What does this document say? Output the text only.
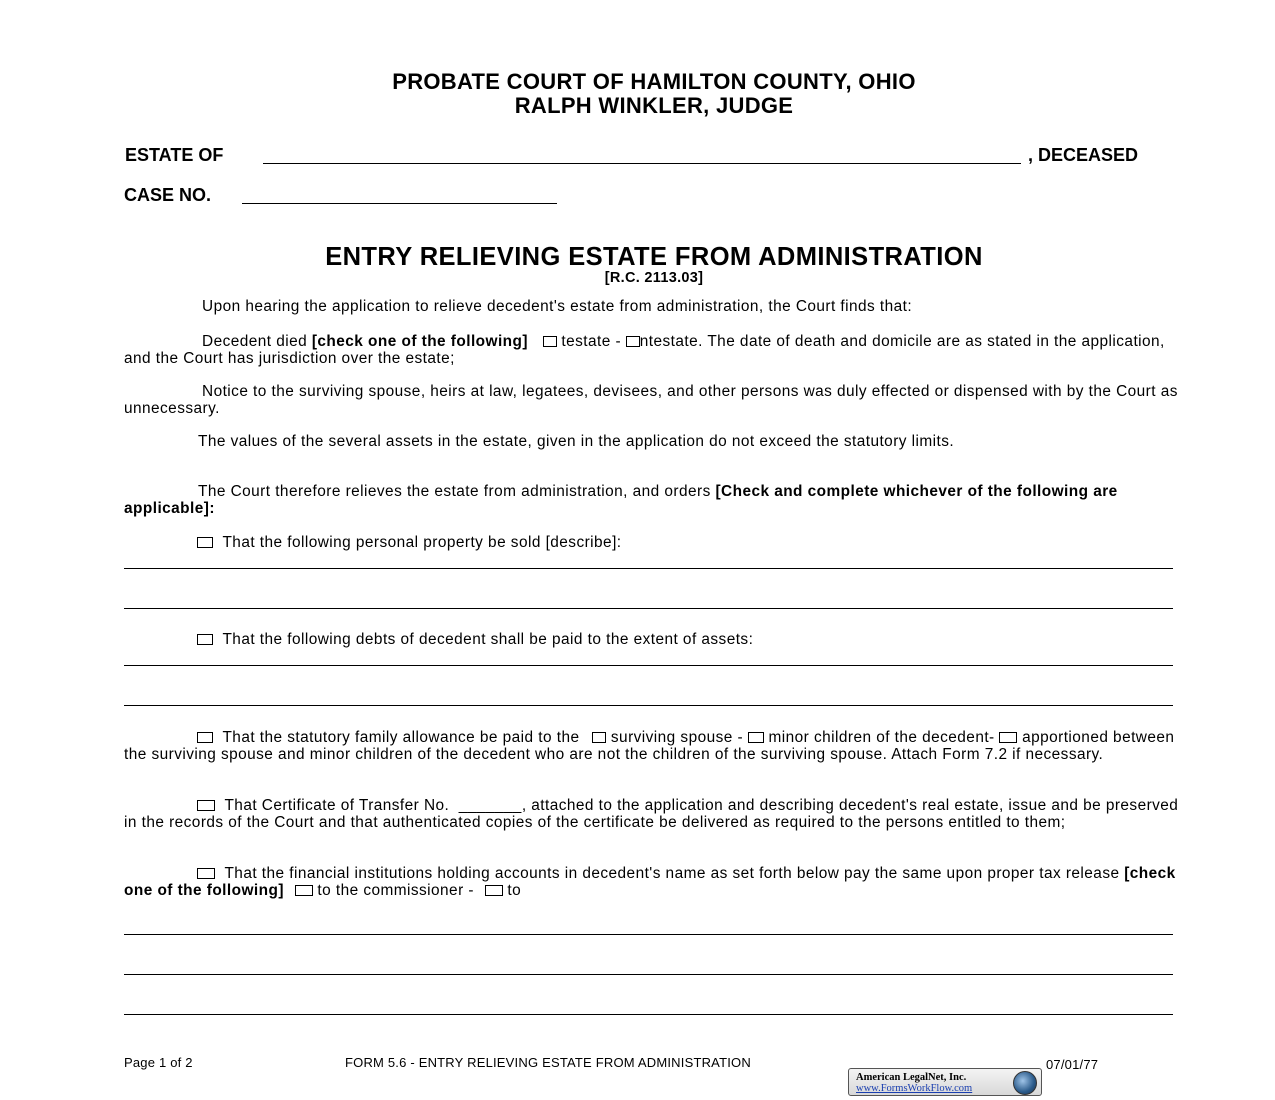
PROBATE COURT OF HAMILTON COUNTY, OHIO
RALPH WINKLER, JUDGE
ESTATE OF	, DECEASED
CASE NO.
ENTRY RELIEVING ESTATE FROM ADMINISTRATION
[R.C. 2113.03]
Upon hearing the application to relieve decedent's estate from administration, the Court finds that:
Decedent died [check one of the following]  testate - ntestate. The date of death and domicile are as stated in the application, and the Court has jurisdiction over the estate;
Notice to the surviving spouse, heirs at law, legatees, devisees, and other persons was duly effected or dispensed with by the Court as unnecessary.
The values of the several assets in the estate, given in the application do not exceed the statutory limits.
The Court therefore relieves the estate from administration, and orders [Check and complete whichever of the following are applicable]:
That the following personal property be sold [describe]:
That the following debts of decedent shall be paid to the extent of assets:
That the statutory family allowance be paid to the  surviving spouse -  minor children of the decedent-  apportioned between the surviving spouse and minor children of the decedent who are not the children of the surviving spouse. Attach Form 7.2 if necessary.
That Certificate of Transfer No.  _______, attached to the application and describing decedent's real estate, issue and be preserved in the records of the Court and that authenticated copies of the certificate be delivered as required to the persons entitled to them;
That the financial institutions holding accounts in decedent's name as set forth below pay the same upon proper tax release [check one of the following]  to the commissioner -  to
Page 1 of 2	FORM 5.6 - ENTRY RELIEVING ESTATE FROM ADMINISTRATION	07/01/77
American LegalNet, Inc.
www.FormsWorkFlow.com
